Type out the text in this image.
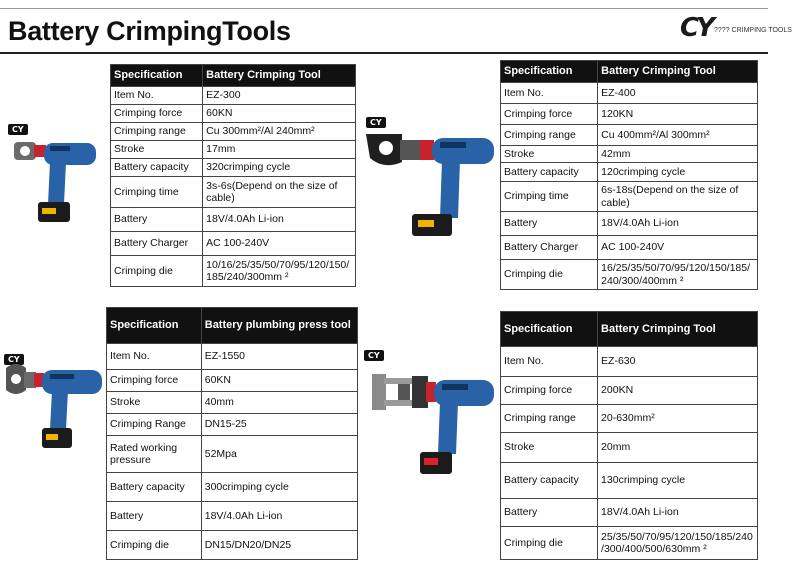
Battery CrimpingTools	CY ???? CRIMPING TOOLS
CY
Specification	Battery Crimping Tool
Item No.	EZ-300
Crimping force	60KN
Crimping range	Cu 300mm²/Al 240mm²
Stroke	17mm
Battery capacity	320crimping cycle
Crimping time	3s-6s(Depend on the size of cable)
Battery	18V/4.0Ah Li-ion
Battery Charger	AC 100-240V
Crimping die	10/16/25/35/50/70/95/120/150/ 185/240/300mm ²
CY
Specification	Battery Crimping Tool
Item No.	EZ-400
Crimping force	120KN
Crimping range	Cu 400mm²/Al 300mm²
Stroke	42mm
Battery capacity	120crimping cycle
Crimping time	6s-18s(Depend on the size of cable)
Battery	18V/4.0Ah Li-ion
Battery Charger	AC 100-240V
Crimping die	16/25/35/50/70/95/120/150/185/ 240/300/400mm ²
CY
Specification	Battery plumbing press tool
Item No.	EZ-1550
Crimping force	60KN
Stroke	40mm
Crimping Range	DN15-25
Rated working pressure	52Mpa
Battery capacity	300crimping cycle
Battery	18V/4.0Ah Li-ion
Crimping die	DN15/DN20/DN25
CY
Specification	Battery Crimping Tool
Item No.	EZ-630
Crimping force	200KN
Crimping range	20-630mm²
Stroke	20mm
Battery capacity	130crimping cycle
Battery	18V/4.0Ah Li-ion
Crimping die	25/35/50/70/95/120/150/185/240 /300/400/500/630mm ²
